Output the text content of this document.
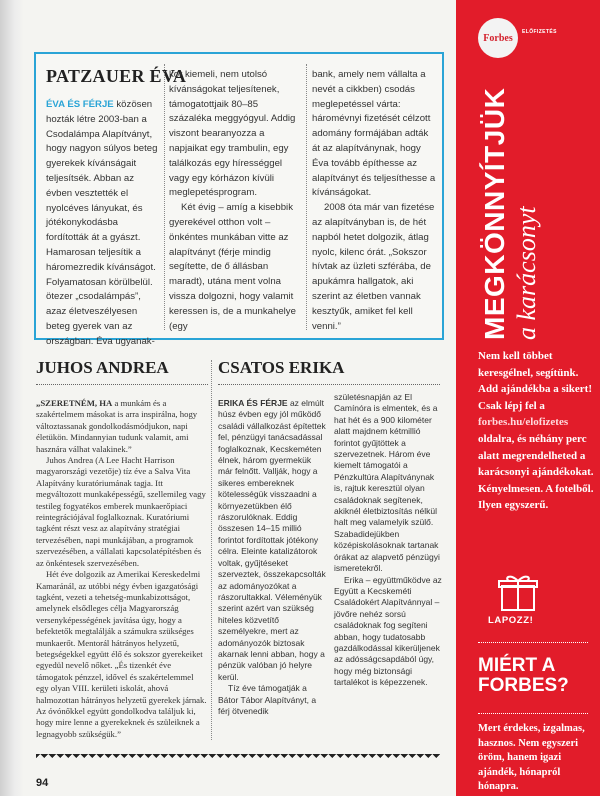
PATZAUER ÉVA

ÉVA ÉS FÉRJE közösen hozták létre 2003-ban a Csodalámpa Alapítványt, hogy nagyon súlyos beteg gyerekek kívánságait teljesítsék. Abban az évben vesztették el nyolcéves lányukat, és jótékonykodásba fordították át a gyászt. Hamarosan teljesítik a háromezredik kívánságot. Folyamatosan körülbelül. ötezer „csodalámpás”, azaz életveszélyesen beteg gyerek van az országban. Éva ugyanak-

kor kiemeli, nem utolsó kívánságokat teljesítenek, támogatottjaik 80–85 százaléka meggyógyul. Addig viszont bearanyozza a napjaikat egy trambulin, egy találkozás egy hírességgel vagy egy kórházon kívüli meglepetésprogram.

Két évig – amíg a kisebbik gyerekével otthon volt – önkéntes munkában vitte az alapítványt (férje mindig segítette, de ő állásban maradt), utána ment volna vissza dolgozni, hogy valamit keressen is, de a munkahelye (egy

bank, amely nem vállalta a nevét a cikkben) csodás meglepetéssel várta: háromévnyi fizetését célzott adomány formájában adták át az alapítványnak, hogy Éva tovább építhesse az alapítványt és teljesíthesse a kívánságokat.

2008 óta már van fizetése az alapítványban is, de hét napból hetet dolgozik, átlag nyolc, kilenc órát. „Sokszor hívtak az üzleti szférába, de apukámra hallgatok, aki szerint az életben vannak kesztyűk, amiket fel kell venni.”

JUHOS ANDREA

„SZERETNÉM, HA a munkám és a szakértelmem másokat is arra inspirálna, hogy változtassanak gondolkodásmódjukon, napi életükön. Mindannyian tudunk valamit, ami hasznára válhat valakinek.”

Juhos Andrea (A Lee Hacht Harrison magyarországi vezetője) tíz éve a Salva Vita Alapítvány kuratóriumának tagja. Itt megváltozott munkaképességű, szellemileg vagy testileg fogyatékos emberek munkaerőpiaci reintegrációjával foglalkoznak. Kuratóriumi tagként részt vesz az alapítvány stratégiai tervezésében, napi munkájában, a programok szervezésében, a vállalati kapcsolatépítésben és az önkéntesek szervezésében.

Hét éve dolgozik az Amerikai Kereskedelmi Kamaránál, az utóbbi négy évben igazgatósági tagként, vezeti a tehetség-munkabizottságot, amelynek elsődleges célja Magyarország versenyképességének javítása úgy, hogy a befektetők megtalálják a számukra szükséges munkaerőt. Mentorál hátrányos helyzetű, betegségekkel együtt élő és sokszor gyerekeiket egyedül nevelő nőket. „És tizenkét éve támogatok pénzzel, idővel és szakértelemmel egy olyan VIII. kerületi iskolát, ahová halmozottan hátrányos helyzetű gyerekek járnak. Az óvónőkkel együtt gondolkodva találjuk ki, hogy mire lenne a gyerekeknek és szüleiknek a legnagyobb szükségük.”

CSATOS ERIKA

ERIKA ÉS FÉRJE az elmúlt húsz évben egy jól működő családi vállalkozást építettek fel, pénzügyi tanácsadással foglalkoznak, Kecskeméten élnek, három gyermekük már felnőtt. Vallják, hogy a sikeres embereknek kötelességük visszaadni a környezetükben élő rászorulóknak. Eddig összesen 14–15 millió forintot fordítottak jótékony célra. Eleinte katalizátorok voltak, gyűjtéseket szerveztek, összekapcsolták az adományozókat a rászorultakkal. Véleményük szerint azért van szükség hiteles közvetítő személyekre, mert az adományozók biztosak akarnak lenni abban, hogy a pénzük valóban jó helyre kerül.

Tíz éve támogatják a Bátor Tábor Alapítványt, a férj ötvenedik

születésnapján az El Camínóra is elmentek, és a hat hét és a 900 kilométer alatt majdnem kétmillió forintot gyűjtöttek a szervezetnek. Három éve kiemelt támogatói a Pénzkultúra Alapítványnak is, rajtuk keresztül olyan családoknak segítenek, akiknél életbiztosítás nélkül halt meg valamelyik szülő. Szabadidejükben középiskolásoknak tartanak órákat az alapvető pénzügyi ismeretekről.

Erika – együttműködve az Együtt a Kecskeméti Családokért Alapítvánnyal – jövőre nehéz sorsú családoknak fog segíteni abban, hogy tudatosabb gazdálkodással kikerüljenek az adósságcsapdából úgy, hogy még biztonsági tartalékot is képezzenek.

94
Forbes
ELŐFIZETÉS
MEGKÖNNYÍTJÜK a karácsonyt
Nem kell többet keresgélnel, segítünk. Add ajándékba a sikert! Csak lépj fel a forbes.hu/elofizetes oldalra, és néhány perc alatt megrendelheted a karácsonyi ajándékokat. Kényelmesen. A fotelből. Ilyen egyszerű.
LAPOZZ!
MIÉRT A FORBES?
Mert érdekes, izgalmas, hasznos. Nem egyszeri öröm, hanem igazi ajándék, hónapról hónapra.
